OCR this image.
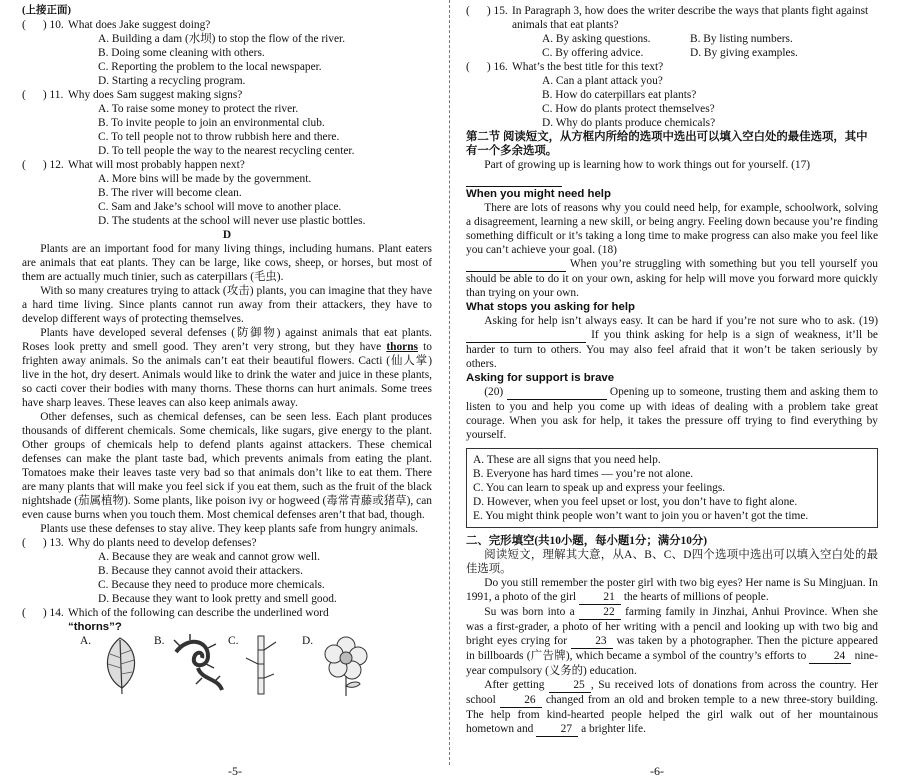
(上接正面)

(      ) 10. What does Jake suggest doing?

A. Building a dam (水坝) to stop the flow of the river.

B. Doing some cleaning with others.

C. Reporting the problem to the local newspaper.

D. Starting a recycling program.

(      ) 11. Why does Sam suggest making signs?

A. To raise some money to protect the river.

B. To invite people to join an environmental club.

C. To tell people not to throw rubbish here and there.

D. To tell people the way to the nearest recycling center.

(      ) 12. What will most probably happen next?

A. More bins will be made by the government.

B. The river will become clean.

C. Sam and Jake’s school will move to another place.

D. The students at the school will never use plastic bottles.

D

Plants are an important food for many living things, including humans. Plant eaters are animals that eat plants. They can be large, like cows, sheep, or horses, but most of them are actually much tinier, such as caterpillars (毛虫).

With so many creatures trying to attack (攻击) plants, you can imagine that they have a hard time living. Since plants cannot run away from their attackers, they have to develop different ways of protecting themselves.

Plants have developed several defenses (防御物) against animals that eat plants. Roses look pretty and smell good. They aren’t very strong, but they have thorns to frighten away animals. So the animals can’t eat their beautiful flowers. Cacti (仙人掌) live in the hot, dry desert. Animals would like to drink the water and juice in these plants, so cacti cover their bodies with many thorns. These thorns can hurt animals. Some trees have sharp leaves. These leaves can also keep animals away.

Other defenses, such as chemical defenses, can be seen less. Each plant produces thousands of different chemicals. Some chemicals, like sugars, give energy to the plant. Other groups of chemicals help to defend plants against attackers. These chemical defenses can make the plant taste bad, which prevents animals from eating the plant. Tomatoes make their leaves taste very bad so that animals don’t like to eat them. There are many plants that will make you feel sick if you eat them, such as the fruit of the black nightshade (茄属植物). Some plants, like poison ivy or hogweed (毒常青藤或猪草), can even cause burns when you touch them. Most chemical defenses aren’t that bad, though.

Plants use these defenses to stay alive. They keep plants safe from hungry animals.

(      ) 13. Why do plants need to develop defenses?

A. Because they are weak and cannot grow well.

B. Because they cannot avoid their attackers.

C. Because they need to produce more chemicals.

D. Because they want to look pretty and smell good.

(      ) 14. Which of the following can describe the underlined word
“thorns”?
A.	B.	C.	D.
-5-
(      ) 15. In Paragraph 3, how does the writer describe the ways that plants fight against animals that eat plants?
A. By asking questions.	B. By listing numbers.
C. By offering advice.	D. By giving examples.
(      ) 16. What’s the best title for this text?

A. Can a plant attack you?

B. How do caterpillars eat plants?

C. How do plants protect themselves?

D. Why do plants produce chemicals?

第二节 阅读短文，从方框内所给的选项中选出可以填入空白处的最佳选项，其中有一个多余选项。

Part of growing up is learning how to work things out for yourself. (17)

When you might need help

There are lots of reasons why you could need help, for example, schoolwork, solving a disagreement, learning a new skill, or being angry. Feeling down because you’re finding something difficult or it’s taking a long time to make progress can also make you feel like you can’t achieve your goal. (18)
When you’re struggling with something but you tell yourself you should be able to do it on your own, asking for help will move you forward more quickly than trying on your own.

What stops you asking for help

Asking for help isn’t always easy. It can be hard if you’re not sure who to ask. (19)   If you think asking for help is a sign of weakness, it’ll be harder to turn to others. You may also feel afraid that it won’t be taken seriously by others.

Asking for support is brave

(20)	Opening up to someone, trusting them and asking them to listen to you and help you come up with ideas of dealing with a problem take great courage. When you ask for help, it takes the pressure off trying to find everything by yourself.

A. These are all signs that you need help.

B. Everyone has hard times — you’re not alone.

C. You can learn to speak up and express your feelings.

D. However, when you feel upset or lost, you don’t have to fight alone.

E. You might think people won’t want to join you or haven’t got the time.

二、完形填空(共10小题，每小题1分；满分10分)

阅读短文，理解其大意，从A、B、C、D四个选项中选出可以填入空白处的最佳选项。

Do you still remember the poster girl with two big eyes? Her name is Su Mingjuan. In 1991, a photo of the girl 21 the hearts of millions of people.

Su was born into a	22 farming family in Jinzhai, Anhui Province. When she was a first-grader, a photo of her writing with a pencil and looking up with two big and bright eyes crying for 23 was taken by a photographer. Then the picture appeared in billboards (广告牌), which became a symbol of the country’s efforts to 24 nine-year compulsory (义务的) education.

After getting	25 , Su received lots of donations from across the country. Her school 26 changed from an old and broken temple to a new three-story building. The help from kind-hearted people helped the girl walk out of her mountainous hometown and 27 a brighter life.

-6-
